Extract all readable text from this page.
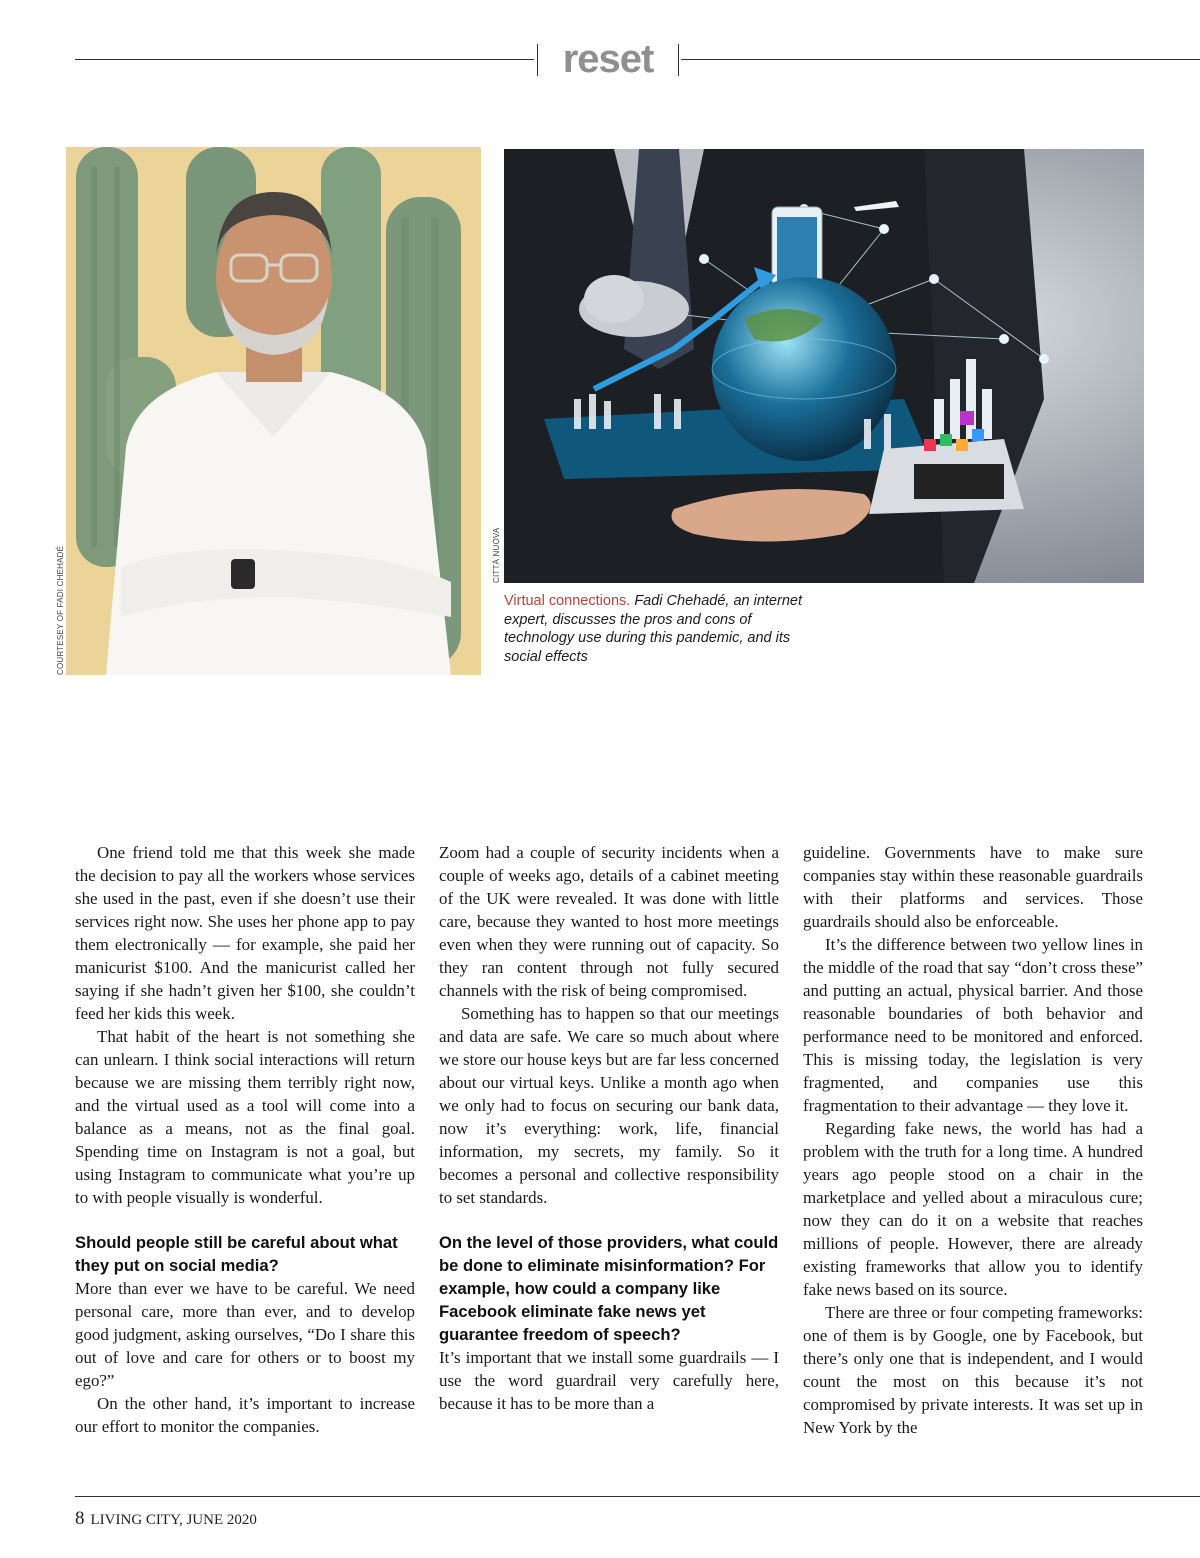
reset
COURTESEY OF FADI CHEHADÉ	CITTÀ NUOVA
Virtual connections. Fadi Chehadé, an internet expert, discusses the pros and cons of technology use during this pandemic, and its social effects

One friend told me that this week she made the decision to pay all the workers whose services she used in the past, even if she doesn’t use their services right now. She uses her phone app to pay them electronically — for example, she paid her manicurist $100. And the manicurist called her saying if she hadn’t given her $100, she couldn’t feed her kids this week.

That habit of the heart is not something she can unlearn. I think social interactions will return because we are missing them terribly right now, and the virtual used as a tool will come into a balance as a means, not as the final goal. Spending time on Instagram is not a goal, but using Instagram to communicate what you’re up to with people visually is wonderful.

Should people still be careful about what they put on social media?

More than ever we have to be careful. We need personal care, more than ever, and to develop good judgment, asking ourselves, “Do I share this out of love and care for others or to boost my ego?”

On the other hand, it’s important to increase our effort to monitor the companies.

Zoom had a couple of security incidents when a couple of weeks ago, details of a cabinet meeting of the UK were revealed. It was done with little care, because they wanted to host more meetings even when they were running out of capacity. So they ran content through not fully secured channels with the risk of being compromised.

Something has to happen so that our meetings and data are safe. We care so much about where we store our house keys but are far less concerned about our virtual keys. Unlike a month ago when we only had to focus on securing our bank data, now it’s everything: work, life, financial information, my secrets, my family. So it becomes a personal and collective responsibility to set standards.

On the level of those providers, what could be done to eliminate misinformation? For example, how could a company like Facebook eliminate fake news yet guarantee freedom of speech?

It’s important that we install some guardrails — I use the word guardrail very carefully here, because it has to be more than a

guideline. Governments have to make sure companies stay within these reasonable guardrails with their platforms and services. Those guardrails should also be enforceable.

It’s the difference between two yellow lines in the middle of the road that say “don’t cross these” and putting an actual, physical barrier. And those reasonable boundaries of both behavior and performance need to be monitored and enforced. This is missing today, the legislation is very fragmented, and companies use this fragmentation to their advantage — they love it.

Regarding fake news, the world has had a problem with the truth for a long time. A hundred years ago people stood on a chair in the marketplace and yelled about a miraculous cure; now they can do it on a website that reaches millions of people. However, there are already existing frameworks that allow you to identify fake news based on its source.

There are three or four competing frameworks: one of them is by Google, one by Facebook, but there’s only one that is independent, and I would count the most on this because it’s not compromised by private interests. It was set up in New York by the

8 LIVING CITY, JUNE 2020
